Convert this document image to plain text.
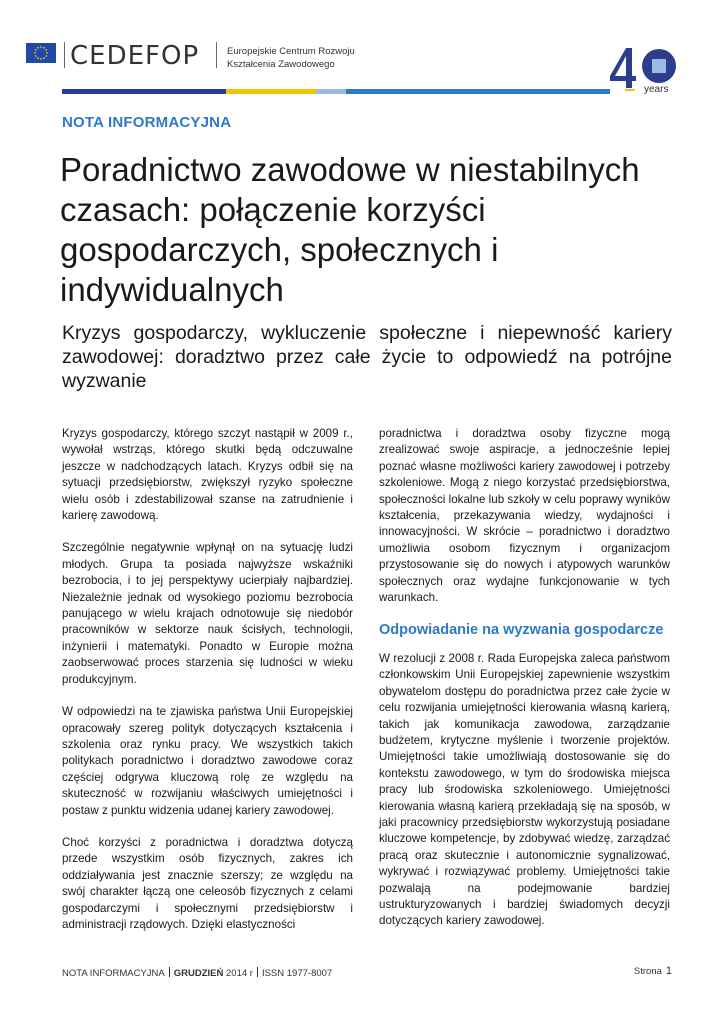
CEDEFOP	Europejskie Centrum Rozwoju
Kształcenia Zawodowego
years
NOTA INFORMACYJNA
Poradnictwo zawodowe w niestabilnych czasach: połączenie korzyści gospodarczych, społecznych i indywidualnych

Kryzys gospodarczy, wykluczenie społeczne i niepewność kariery zawodowej: doradztwo przez całe życie to odpowiedź na potrójne wyzwanie

Kryzys gospodarczy, którego szczyt nastąpił w 2009 r., wywołał wstrząs, którego skutki będą odczuwalne jeszcze w nadchodzących latach. Kryzys odbił się na sytuacji przedsiębiorstw, zwiększył ryzyko społeczne wielu osób i zdestabilizował szanse na zatrudnienie i karierę zawodową.

Szczególnie negatywnie wpłynął on na sytuację ludzi młodych. Grupa ta posiada najwyższe wskaźniki bezrobocia, i to jej perspektywy ucierpiały najbardziej. Niezależnie jednak od wysokiego poziomu bezrobocia panującego w wielu krajach odnotowuje się niedobór pracowników w sektorze nauk ścisłych, technologii, inżynierii i matematyki. Ponadto w Europie można zaobserwować proces starzenia się ludności w wieku produkcyjnym.

W odpowiedzi na te zjawiska państwa Unii Europejskiej opracowały szereg polityk dotyczących kształcenia i szkolenia oraz rynku pracy. We wszystkich takich politykach poradnictwo i doradztwo zawodowe coraz częściej odgrywa kluczową rolę ze względu na skuteczność w rozwijaniu właściwych umiejętności i postaw z punktu widzenia udanej kariery zawodowej.

Choć korzyści z poradnictwa i doradztwa dotyczą przede wszystkim osób fizycznych, zakres ich oddziaływania jest znacznie szerszy; ze względu na swój charakter łączą one celeosób fizycznych z celami gospodarczymi i społecznymi przedsiębiorstw i administracji rządowych. Dzięki elastyczności

poradnictwa i doradztwa osoby fizyczne mogą zrealizować swoje aspiracje, a jednocześnie lepiej poznać własne możliwości kariery zawodowej i potrzeby szkoleniowe. Mogą z niego korzystać przedsiębiorstwa, społeczności lokalne lub szkoły w celu poprawy wyników kształcenia, przekazywania wiedzy, wydajności i innowacyjności. W skrócie – poradnictwo i doradztwo umożliwia osobom fizycznym i organizacjom przystosowanie się do nowych i atypowych warunków społecznych oraz wydajne funkcjonowanie w tych warunkach.

Odpowiadanie na wyzwania gospodarcze

W rezolucji z 2008 r. Rada Europejska zaleca państwom członkowskim Unii Europejskiej zapewnienie wszystkim obywatelom dostępu do poradnictwa przez całe życie w celu rozwijania umiejętności kierowania własną karierą, takich jak komunikacja zawodowa, zarządzanie budżetem, krytyczne myślenie i tworzenie projektów. Umiejętności takie umożliwiają dostosowanie się do kontekstu zawodowego, w tym do środowiska miejsca pracy lub środowiska szkoleniowego. Umiejętności kierowania własną karierą przekładają się na sposób, w jaki pracownicy przedsiębiorstw wykorzystują posiadane kluczowe kompetencje, by zdobywać wiedzę, zarządzać pracą oraz skutecznie i autonomicznie sygnalizować, wykrywać i rozwiązywać problemy. Umiejętności takie pozwalają na podejmowanie bardziej ustrukturyzowanych i bardziej świadomych decyzji dotyczących kariery zawodowej.

NOTA INFORMACYJNA GRUDZIEŃ 2014 r ISSN 1977-8007	Strona 1
